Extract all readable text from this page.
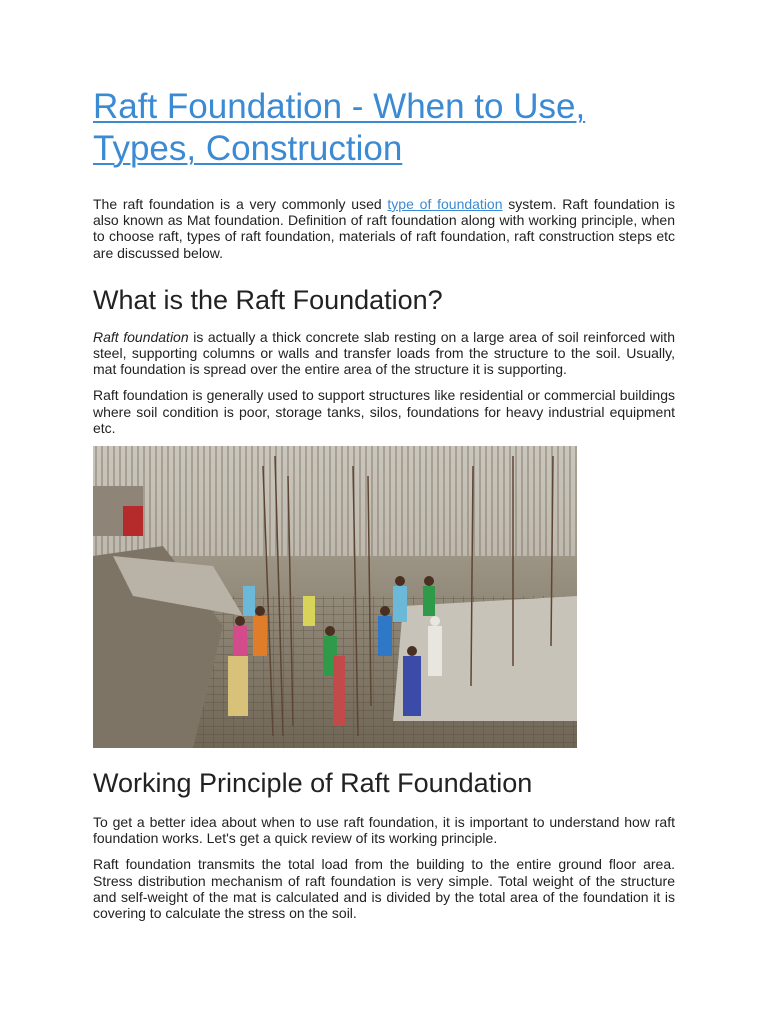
Raft Foundation - When to Use, Types, Construction

The raft foundation is a very commonly used type of foundation system. Raft foundation is also known as Mat foundation. Definition of raft foundation along with working principle, when to choose raft, types of raft foundation, materials of raft foundation, raft construction steps etc are discussed below.

What is the Raft Foundation?

Raft foundation is actually a thick concrete slab resting on a large area of soil reinforced with steel, supporting columns or walls and transfer loads from the structure to the soil. Usually, mat foundation is spread over the entire area of the structure it is supporting.

Raft foundation is generally used to support structures like residential or commercial buildings where soil condition is poor, storage tanks, silos, foundations for heavy industrial equipment etc.

Working Principle of Raft Foundation

To get a better idea about when to use raft foundation, it is important to understand how raft foundation works. Let's get a quick review of its working principle.

Raft foundation transmits the total load from the building to the entire ground floor area. Stress distribution mechanism of raft foundation is very simple. Total weight of the structure and self-weight of the mat is calculated and is divided by the total area of the foundation it is covering to calculate the stress on the soil.
